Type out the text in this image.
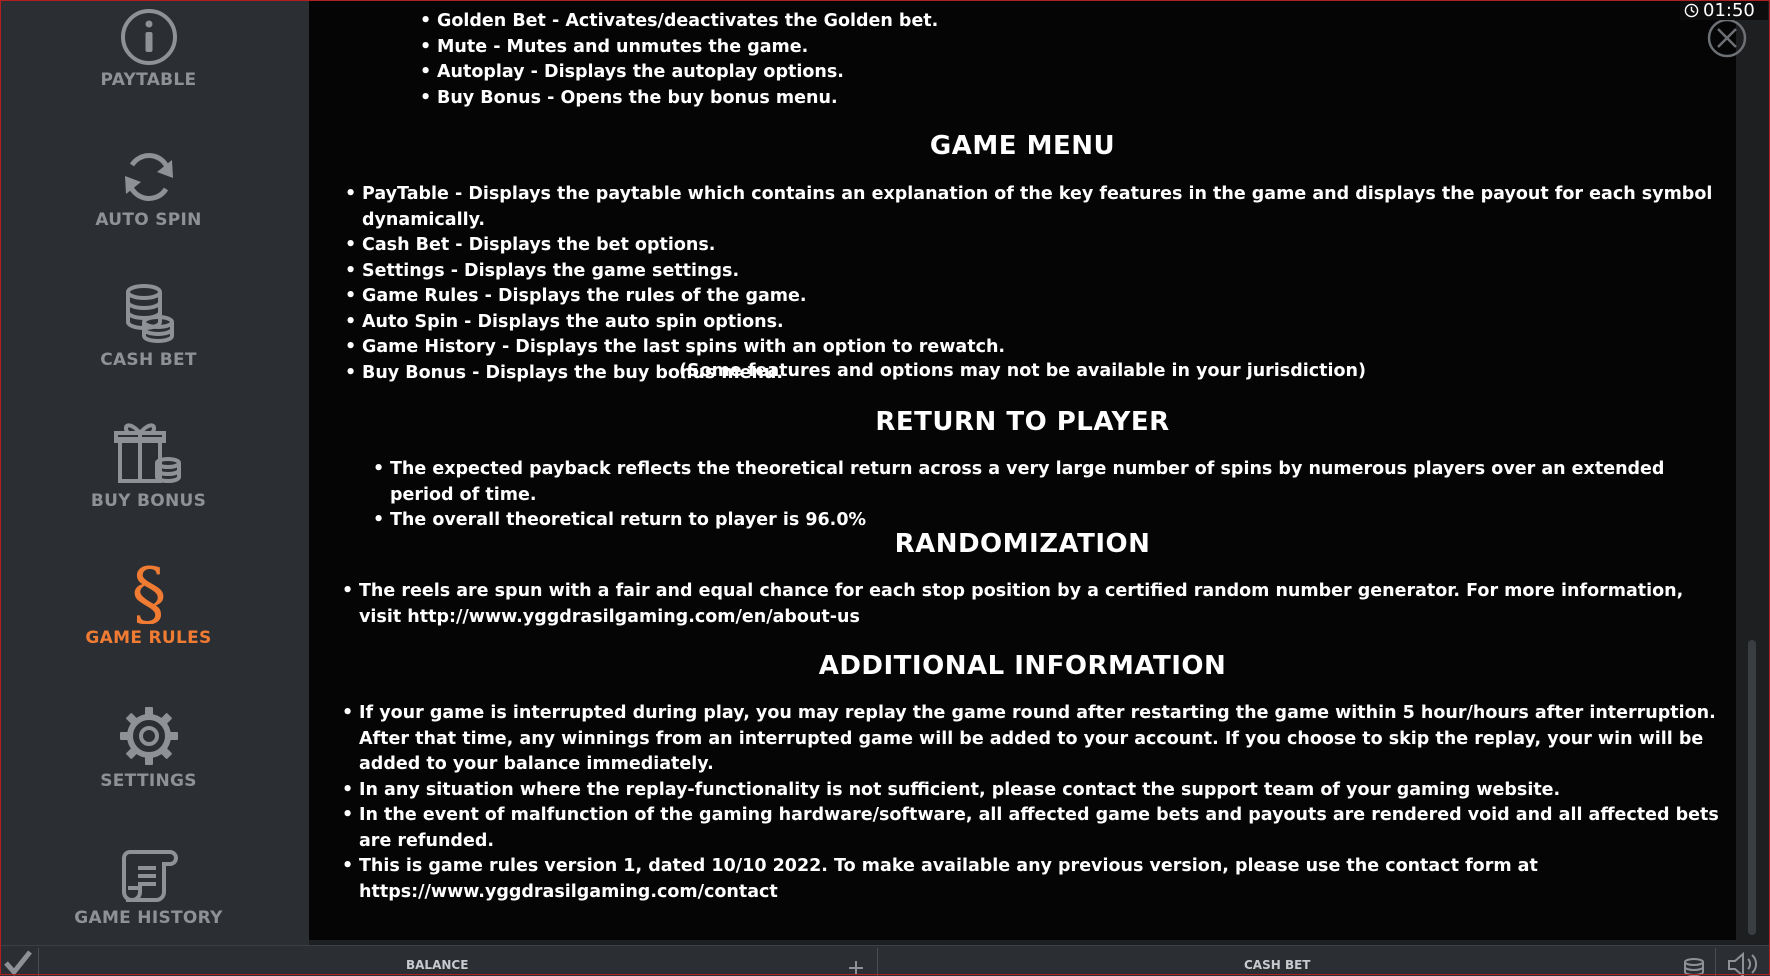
PAYTABLE
AUTO SPIN
CASH BET
BUY BONUS
§
GAME RULES
SETTINGS
GAME HISTORY
• Golden Bet - Activates/deactivates the Golden bet.
• Mute - Mutes and unmutes the game.
• Autoplay - Displays the autoplay options.
• Buy Bonus - Opens the buy bonus menu.
GAME MENU
• PayTable - Displays the paytable which contains an explanation of the key features in the game and displays the payout for each symbol dynamically.
• Cash Bet - Displays the bet options.
• Settings - Displays the game settings.
• Game Rules - Displays the rules of the game.
• Auto Spin - Displays the auto spin options.
• Game History - Displays the last spins with an option to rewatch.
• Buy Bonus - Displays the buy bonus menu.
(Some features and options may not be available in your jurisdiction)
RETURN TO PLAYER
• The expected payback reflects the theoretical return across a very large number of spins by numerous players over an extended period of time.
• The overall theoretical return to player is 96.0%
RANDOMIZATION
• The reels are spun with a fair and equal chance for each stop position by a certified random number generator. For more information, visit http://www.yggdrasilgaming.com/en/about-us
ADDITIONAL INFORMATION
• If your game is interrupted during play, you may replay the game round after restarting the game within 5 hour/hours after interruption. After that time, any winnings from an interrupted game will be added to your account. If you choose to skip the replay, your win will be added to your balance immediately.
• In any situation where the replay-functionality is not sufficient, please contact the support team of your gaming website.
• In the event of malfunction of the gaming hardware/software, all affected game bets and payouts are rendered void and all affected bets are refunded.
• This is game rules version 1, dated 10/10 2022. To make available any previous version, please use the contact form at https://www.yggdrasilgaming.com/contact
01:50
BALANCE	CASH BET
